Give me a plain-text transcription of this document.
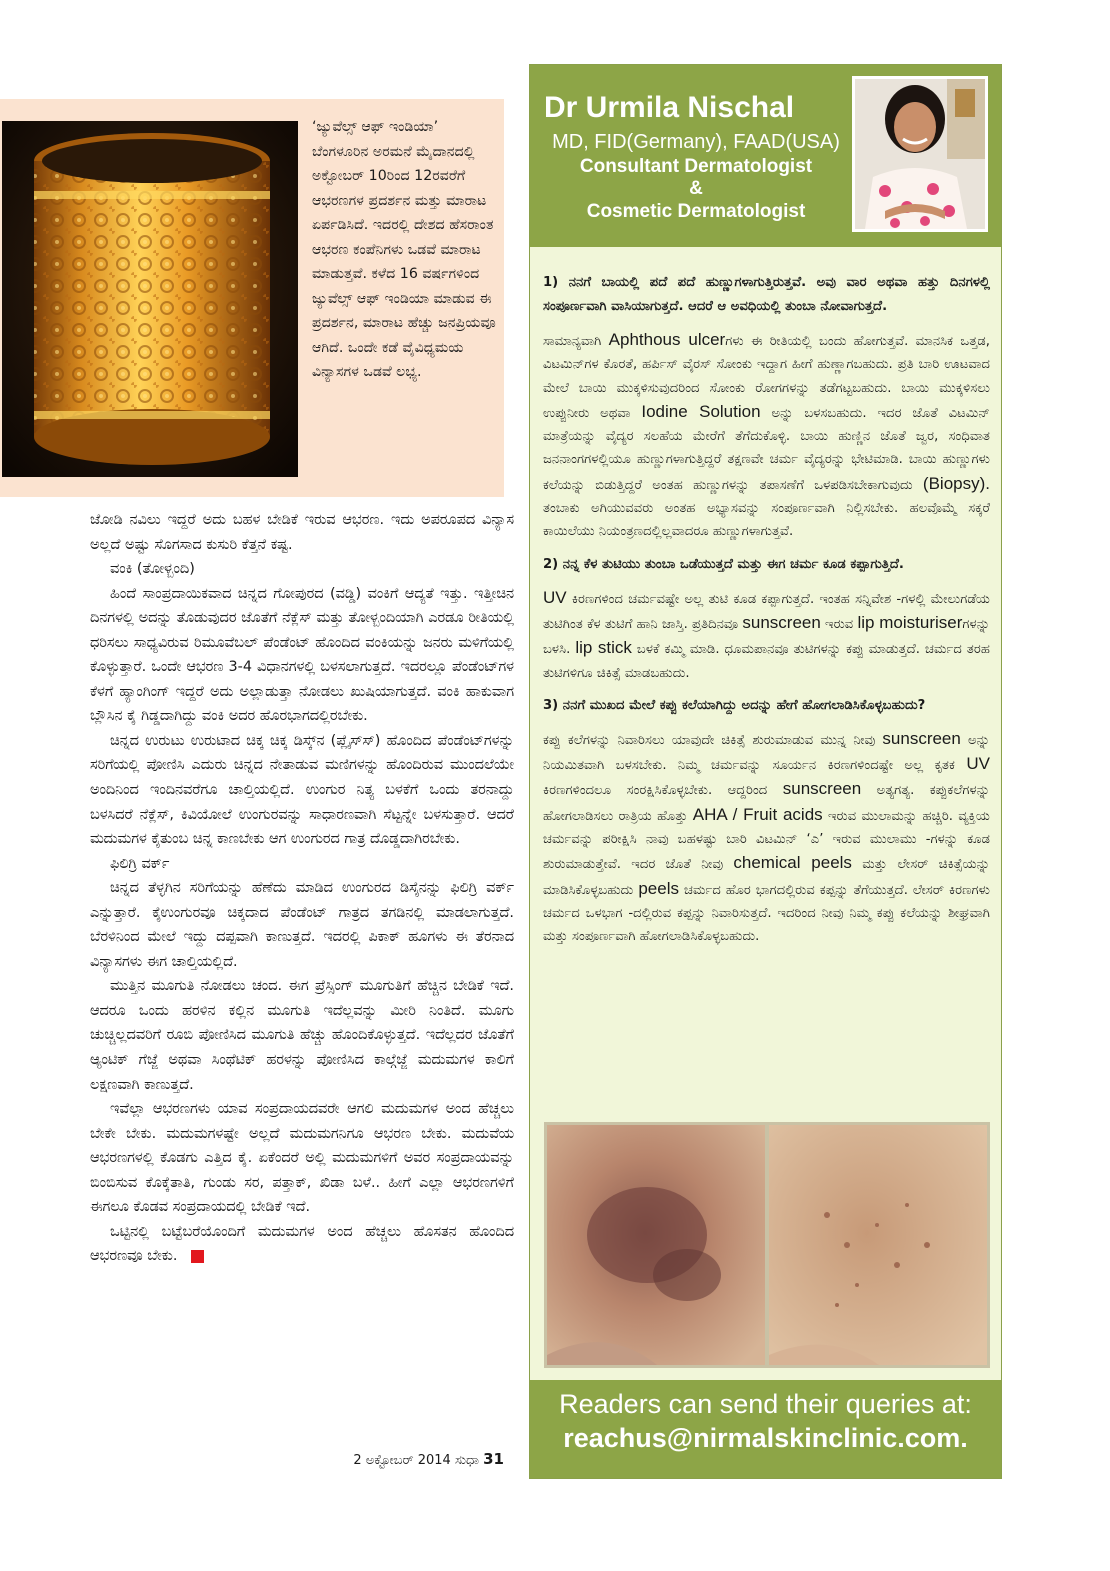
‘ಜ್ಯುವೆಲ್ಸ್ ಆಫ್ ಇಂಡಿಯಾ’ ಬೆಂಗಳೂರಿನ ಅರಮನೆ ಮೈದಾನದಲ್ಲಿ ಅಕ್ಟೋಬರ್ 10ರಿಂದ 12ರವರೆಗೆ ಆಭರಣಗಳ ಪ್ರದರ್ಶನ ಮತ್ತು ಮಾರಾಟ ಏರ್ಪಡಿಸಿದೆ. ಇದರಲ್ಲಿ ದೇಶದ ಹೆಸರಾಂತ ಆಭರಣ ಕಂಪೆನಿಗಳು ಒಡವೆ ಮಾರಾಟ ಮಾಡುತ್ತವೆ. ಕಳೆದ 16 ವರ್ಷಗಳಿಂದ ಜ್ಯುವೆಲ್ಸ್ ಆಫ್ ಇಂಡಿಯಾ ಮಾಡುವ ಈ ಪ್ರದರ್ಶನ, ಮಾರಾಟ ಹೆಚ್ಚು ಜನಪ್ರಿಯವೂ ಆಗಿದೆ. ಒಂದೇ ಕಡೆ ವೈವಿಧ್ಯಮಯ ವಿನ್ಯಾಸಗಳ ಒಡವೆ ಲಭ್ಯ.

ಜೋಡಿ ನವಿಲು ಇದ್ದರೆ ಅದು ಬಹಳ ಬೇಡಿಕೆ ಇರುವ ಆಭರಣ. ಇದು ಅಪರೂಪದ ವಿನ್ಯಾಸ ಅಲ್ಲದೆ ಅಷ್ಟು ಸೊಗಸಾದ ಕುಸುರಿ ಕೆತ್ತನೆ ಕಷ್ಟ.

ವಂಕಿ (ತೋಳ್ಬಂದಿ)

ಹಿಂದೆ ಸಾಂಪ್ರದಾಯಿಕವಾದ ಚಿನ್ನದ ಗೋಪುರದ (ವಡ್ಡಿ) ವಂಕಿಗೆ ಆದ್ಯತೆ ಇತ್ತು. ಇತ್ತೀಚಿನ ದಿನಗಳಲ್ಲಿ ಅದನ್ನು ತೊಡುವುದರ ಜೊತೆಗೆ ನೆಕ್ಲೆಸ್ ಮತ್ತು ತೋಳ್ಬಂದಿಯಾಗಿ ಎರಡೂ ರೀತಿಯಲ್ಲಿ ಧರಿಸಲು ಸಾಧ್ಯವಿರುವ ರಿಮೂವೆಬಲ್ ಪೆಂಡೆಂಟ್ ಹೊಂದಿದ ವಂಕಿಯನ್ನು ಜನರು ಮಳಿಗೆಯಲ್ಲಿ ಕೊಳ್ಳುತ್ತಾರೆ. ಒಂದೇ ಆಭರಣ 3-4 ವಿಧಾನಗಳಲ್ಲಿ ಬಳಸಲಾಗುತ್ತದೆ. ಇದರಲ್ಲೂ ಪೆಂಡೆಂಟ್‌ಗಳ ಕೆಳಗೆ ಹ್ಯಾಂಗಿಂಗ್ ಇದ್ದರೆ ಅದು ಅಲ್ಲಾಡುತ್ತಾ ನೋಡಲು ಖುಷಿಯಾಗುತ್ತದೆ. ವಂಕಿ ಹಾಕುವಾಗ ಬ್ಲೌಸಿನ ಕೈ ಗಿಡ್ಡದಾಗಿದ್ದು ವಂಕಿ ಅದರ ಹೊರಭಾಗದಲ್ಲಿರಬೇಕು.

ಚಿನ್ನದ ಉರುಟು ಉರುಟಾದ ಚಿಕ್ಕ ಚಿಕ್ಕ ಡಿಸ್ಕ್‌ನ (ಪ್ಲೈಸ್‌ಸ್) ಹೊಂದಿದ ಪೆಂಡೆಂಟ್‌ಗಳನ್ನು ಸರಿಗೆಯಲ್ಲಿ ಪೋಣಿಸಿ ಎದುರು ಚಿನ್ನದ ನೇತಾಡುವ ಮಣಿಗಳನ್ನು ಹೊಂದಿರುವ ಮುಂದಲೆಯೇ ಅಂದಿನಿಂದ ಇಂದಿನವರೆಗೂ ಚಾಲ್ತಿಯಲ್ಲಿದೆ. ಉಂಗುರ ನಿತ್ಯ ಬಳಕೆಗೆ ಒಂದು ತರನಾದ್ದು ಬಳಸಿದರೆ ನೆಕ್ಲೆಸ್, ಕಿವಿಯೋಲೆ ಉಂಗುರವನ್ನು ಸಾಧಾರಣವಾಗಿ ಸೆಟ್ಟನ್ನೇ ಬಳಸುತ್ತಾರೆ. ಆದರೆ ಮದುಮಗಳ ಕೈತುಂಬ ಚಿನ್ನ ಕಾಣಬೇಕು ಆಗ ಉಂಗುರದ ಗಾತ್ರ ದೊಡ್ಡದಾಗಿರಬೇಕು.

ಫಿಲಿಗ್ರಿ ವರ್ಕ್

ಚಿನ್ನದ ತೆಳ್ಳಗಿನ ಸರಿಗೆಯನ್ನು ಹೆಣೆದು ಮಾಡಿದ ಉಂಗುರದ ಡಿಸೈನನ್ನು ಫಿಲಿಗ್ರಿ ವರ್ಕ್ ಎನ್ನುತ್ತಾರೆ. ಕೈಉಂಗುರವೂ ಚಿಕ್ಕದಾದ ಪೆಂಡೆಂಟ್ ಗಾತ್ರದ ತಗಡಿನಲ್ಲಿ ಮಾಡಲಾಗುತ್ತದೆ. ಬೆರಳಿನಿಂದ ಮೇಲೆ ಇದ್ದು ದಪ್ಪವಾಗಿ ಕಾಣುತ್ತದೆ. ಇದರಲ್ಲಿ ಪಿಕಾಕ್ ಹೂಗಳು ಈ ತೆರನಾದ ವಿನ್ಯಾಸಗಳು ಈಗ ಚಾಲ್ತಿಯಲ್ಲಿದೆ.

ಮುತ್ತಿನ ಮೂಗುತಿ ನೋಡಲು ಚಂದ. ಈಗ ಪ್ರೆಸ್ಸಿಂಗ್ ಮೂಗುತಿಗೆ ಹೆಚ್ಚಿನ ಬೇಡಿಕೆ ಇದೆ. ಆದರೂ ಒಂದು ಹರಳಿನ ಕಲ್ಲಿನ ಮೂಗುತಿ ಇದೆಲ್ಲವನ್ನು ಮೀರಿ ನಿಂತಿದೆ. ಮೂಗು ಚುಚ್ಚಿಲ್ಲದವರಿಗೆ ರೂಬಿ ಪೋಣಿಸಿದ ಮೂಗುತಿ ಹೆಚ್ಚು ಹೊಂದಿಕೊಳ್ಳುತ್ತದೆ. ಇದೆಲ್ಲದರ ಜೊತೆಗೆ ಆ್ಯಂಟಿಕ್ ಗೆಜ್ಜೆ ಅಥವಾ ಸಿಂಥೆಟಿಕ್ ಹರಳನ್ನು ಪೋಣಿಸಿದ ಕಾಲ್ಗೆಜ್ಜೆ ಮದುಮಗಳ ಕಾಲಿಗೆ ಲಕ್ಷಣವಾಗಿ ಕಾಣುತ್ತದೆ.

ಇವೆಲ್ಲಾ ಆಭರಣಗಳು ಯಾವ ಸಂಪ್ರದಾಯದವರೇ ಆಗಲಿ ಮದುಮಗಳ ಅಂದ ಹೆಚ್ಚಲು ಬೇಕೇ ಬೇಕು. ಮದುಮಗಳಷ್ಟೇ ಅಲ್ಲದೆ ಮದುಮಗನಿಗೂ ಆಭರಣ ಬೇಕು. ಮದುವೆಯ ಆಭರಣಗಳಲ್ಲಿ ಕೊಡಗು ಎತ್ತಿದ ಕೈ. ಏಕೆಂದರೆ ಅಲ್ಲಿ ಮದುಮಗಳಿಗೆ ಅವರ ಸಂಪ್ರದಾಯವನ್ನು ಬಿಂಬಿಸುವ ಕೊಕ್ಕೆತಾತಿ, ಗುಂಡು ಸರ, ಪತ್ತಾಕ್, ಖಿಡಾ ಬಳೆ.. ಹೀಗೆ ಎಲ್ಲಾ ಆಭರಣಗಳಿಗೆ ಈಗಲೂ ಕೊಡವ ಸಂಪ್ರದಾಯದಲ್ಲಿ ಬೇಡಿಕೆ ಇದೆ.

ಒಟ್ಟಿನಲ್ಲಿ ಬಟ್ಟೆಬರೆಯೊಂದಿಗೆ ಮದುಮಗಳ ಅಂದ ಹೆಚ್ಚಲು ಹೊಸತನ ಹೊಂದಿದ ಆಭರಣವೂ ಬೇಕು.

2 ಅಕ್ಟೋಬರ್ 2014 ಸುಧಾ 31

Dr Urmila Nischal

MD, FID(Germany), FAAD(USA)

Consultant Dermatologist

&

Cosmetic Dermatologist

1) ನನಗೆ ಬಾಯಲ್ಲಿ ಪದೆ ಪದೆ ಹುಣ್ಣುಗಳಾಗುತ್ತಿರುತ್ತವೆ. ಅವು ವಾರ ಅಥವಾ ಹತ್ತು ದಿನಗಳಲ್ಲಿ ಸಂಪೂರ್ಣವಾಗಿ ವಾಸಿಯಾಗುತ್ತದೆ. ಆದರೆ ಆ ಅವಧಿಯಲ್ಲಿ ತುಂಬಾ ನೋವಾಗುತ್ತದೆ.

ಸಾಮಾನ್ಯವಾಗಿ Aphthous ulcerಗಳು ಈ ರೀತಿಯಲ್ಲಿ ಬಂದು ಹೋಗುತ್ತವೆ. ಮಾನಸಿಕ ಒತ್ತಡ, ವಿಟಮಿನ್‌ಗಳ ಕೊರತೆ, ಹರ್ಪಿಸ್ ವೈರಸ್ ಸೋಂಕು ಇದ್ದಾಗ ಹೀಗೆ ಹುಣ್ಣಾಗಬಹುದು. ಪ್ರತಿ ಬಾರಿ ಊಟವಾದ ಮೇಲೆ ಬಾಯಿ ಮುಕ್ಕಳಿಸುವುದರಿಂದ ಸೋಂಕು ರೋಗಗಳನ್ನು ತಡೆಗಟ್ಟಬಹುದು. ಬಾಯಿ ಮುಕ್ಕಳಿಸಲು ಉಪ್ಪುನೀರು ಅಥವಾ Iodine Solution ಅನ್ನು ಬಳಸಬಹುದು. ಇದರ ಜೊತೆ ವಿಟಮಿನ್ ಮಾತ್ರೆಯನ್ನು ವೈದ್ಯರ ಸಲಹೆಯ ಮೇರೆಗೆ ತೆಗೆದುಕೊಳ್ಳಿ. ಬಾಯಿ ಹುಣ್ಣಿನ ಜೊತೆ ಜ್ವರ, ಸಂಧಿವಾತ ಜನನಾಂಗಗಳಲ್ಲಿಯೂ ಹುಣ್ಣುಗಳಾಗುತ್ತಿದ್ದರೆ ತಕ್ಷಣವೇ ಚರ್ಮ ವೈದ್ಯರನ್ನು ಭೇಟಿಮಾಡಿ. ಬಾಯಿ ಹುಣ್ಣುಗಳು ಕಲೆಯನ್ನು ಬಿಡುತ್ತಿದ್ದರೆ ಅಂತಹ ಹುಣ್ಣುಗಳನ್ನು ತಪಾಸಣೆಗೆ ಒಳಪಡಿಸಬೇಕಾಗುವುದು (Biopsy). ತಂಬಾಕು ಅಗಿಯುವವರು ಅಂತಹ ಅಭ್ಯಾಸವನ್ನು ಸಂಪೂರ್ಣವಾಗಿ ನಿಲ್ಲಿಸಬೇಕು. ಹಲವೊಮ್ಮೆ ಸಕ್ಕರೆ ಕಾಯಿಲೆಯು ನಿಯಂತ್ರಣದಲ್ಲಿಲ್ಲವಾದರೂ ಹುಣ್ಣುಗಳಾಗುತ್ತವೆ.

2) ನನ್ನ ಕೆಳ ತುಟಿಯು ತುಂಬಾ ಒಡೆಯುತ್ತದೆ ಮತ್ತು ಈಗ ಚರ್ಮ ಕೂಡ ಕಪ್ಪಾಗುತ್ತಿದೆ.

UV ಕಿರಣಗಳಿಂದ ಚರ್ಮವಷ್ಟೇ ಅಲ್ಲ ತುಟಿ ಕೂಡ ಕಪ್ಪಾಗುತ್ತದೆ. ಇಂತಹ ಸನ್ನಿವೇಶ -ಗಳಲ್ಲಿ ಮೇಲುಗಡೆಯ ತುಟಿಗಿಂತ ಕೆಳ ತುಟಿಗೆ ಹಾನಿ ಜಾಸ್ತಿ. ಪ್ರತಿದಿನವೂ sunscreen ಇರುವ lip moisturiserಗಳನ್ನು ಬಳಸಿ. lip stick ಬಳಕೆ ಕಮ್ಮಿ ಮಾಡಿ. ಧೂಮಪಾನವೂ ತುಟಿಗಳನ್ನು ಕಪ್ಪು ಮಾಡುತ್ತದೆ. ಚರ್ಮದ ತರಹ ತುಟಿಗಳಿಗೂ ಚಿಕಿತ್ಸೆ ಮಾಡಬಹುದು.

3) ನನಗೆ ಮುಖದ ಮೇಲೆ ಕಪ್ಪು ಕಲೆಯಾಗಿದ್ದು ಅದನ್ನು ಹೇಗೆ ಹೋಗಲಾಡಿಸಿಕೊಳ್ಳಬಹುದು?

ಕಪ್ಪು ಕಲೆಗಳನ್ನು ನಿವಾರಿಸಲು ಯಾವುದೇ ಚಿಕಿತ್ಸೆ ಶುರುಮಾಡುವ ಮುನ್ನ ನೀವು sunscreen ಅನ್ನು ನಿಯಮಿತವಾಗಿ ಬಳಸಬೇಕು. ನಿಮ್ಮ ಚರ್ಮವನ್ನು ಸೂರ್ಯನ ಕಿರಣಗಳಿಂದಷ್ಟೇ ಅಲ್ಲ ಕೃತಕ UV ಕಿರಣಗಳಿಂದಲೂ ಸಂರಕ್ಷಿಸಿಕೊಳ್ಳಬೇಕು. ಆದ್ದರಿಂದ sunscreen ಅತ್ಯಗತ್ಯ. ಕಪ್ಪುಕಲೆಗಳನ್ನು ಹೋಗಲಾಡಿಸಲು ರಾತ್ರಿಯ ಹೊತ್ತು AHA / Fruit acids ಇರುವ ಮುಲಾಮನ್ನು ಹಚ್ಚಿರಿ. ವ್ಯಕ್ತಿಯ ಚರ್ಮವನ್ನು ಪರೀಕ್ಷಿಸಿ ನಾವು ಬಹಳಷ್ಟು ಬಾರಿ ವಿಟಮಿನ್ ‘ಎ’ ಇರುವ ಮುಲಾಮು -ಗಳನ್ನು ಕೂಡ ಶುರುಮಾಡುತ್ತೇವೆ. ಇದರ ಜೊತೆ ನೀವು chemical peels ಮತ್ತು ಲೇಸರ್ ಚಿಕಿತ್ಸೆಯನ್ನು ಮಾಡಿಸಿಕೊಳ್ಳಬಹುದು peels ಚರ್ಮದ ಹೊರ ಭಾಗದಲ್ಲಿರುವ ಕಪ್ಪನ್ನು ತೆಗೆಯುತ್ತದೆ. ಲೇಸರ್ ಕಿರಣಗಳು ಚರ್ಮದ ಒಳಭಾಗ -ದಲ್ಲಿರುವ ಕಪ್ಪನ್ನು ನಿವಾರಿಸುತ್ತದೆ. ಇದರಿಂದ ನೀವು ನಿಮ್ಮ ಕಪ್ಪು ಕಲೆಯನ್ನು ಶೀಘ್ರವಾಗಿ ಮತ್ತು ಸಂಪೂರ್ಣವಾಗಿ ಹೋಗಲಾಡಿಸಿಕೊಳ್ಳಬಹುದು.

Readers can send their queries at:

reachus@nirmalskinclinic.com.
